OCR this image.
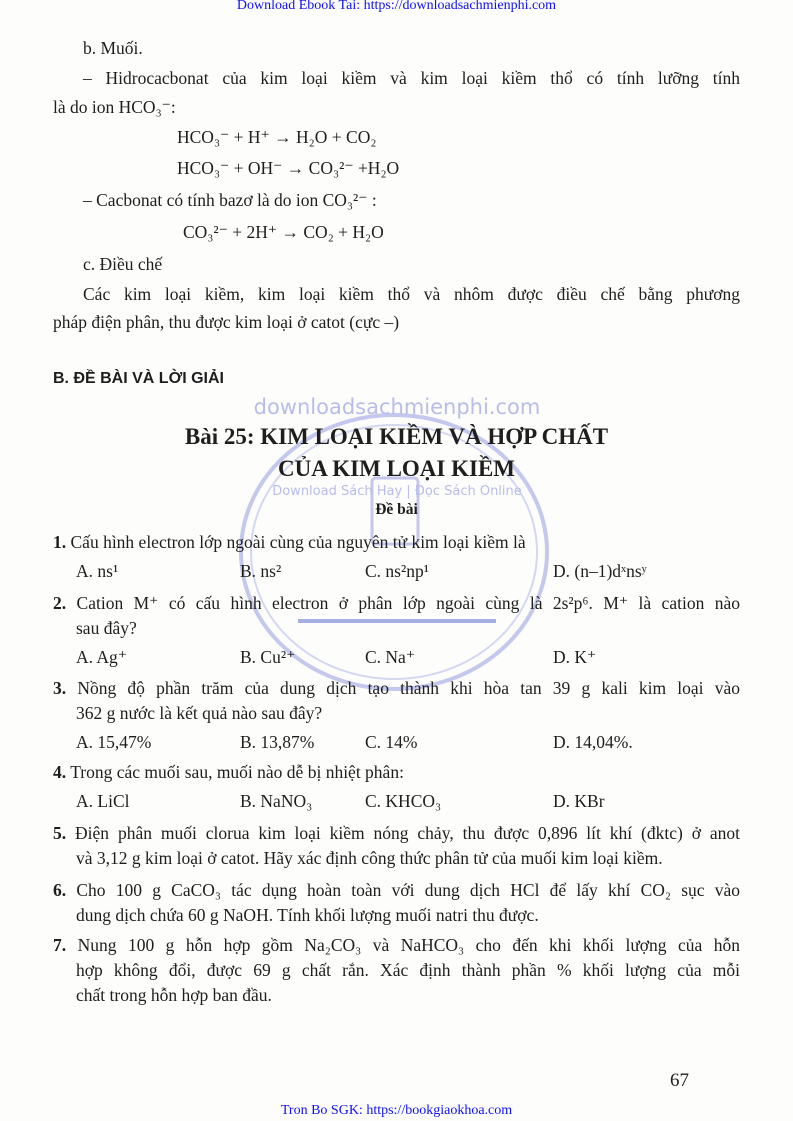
downloadsachmienphi.com
Download Sách Hay | Đọc Sách Online
Download Ebook Tai: https://downloadsachmienphi.com
b. Muối.
– Hidrocacbonat của kim loại kiềm và kim loại kiềm thổ có tính lưỡng tính
là do ion HCO₃⁻:
HCO₃⁻ + H⁺ → H₂O + CO₂
HCO₃⁻ + OH⁻ → CO₃²⁻ +H₂O
– Cacbonat có tính bazơ là do ion CO₃²⁻ :
CO₃²⁻ + 2H⁺ → CO₂ + H₂O
c. Điều chế
Các kim loại kiềm, kim loại kiềm thổ và nhôm được điều chế bằng phương
pháp điện phân, thu được kim loại ở catot (cực –)
B. ĐỀ BÀI VÀ LỜI GIẢI
Bài 25: KIM LOẠI KIỀM VÀ HỢP CHẤT
CỦA KIM LOẠI KIỀM
Đề bài
1. Cấu hình electron lớp ngoài cùng của nguyên tử kim loại kiềm là
A. ns¹	B. ns²	C. ns²np¹	D. (n–1)dˣnsʸ
2. Cation M⁺ có cấu hình electron ở phân lớp ngoài cùng là 2s²p⁶. M⁺ là cation nào
sau đây?
A. Ag⁺	B. Cu²⁺	C. Na⁺	D. K⁺
3. Nồng độ phần trăm của dung dịch tạo thành khi hòa tan 39 g kali kim loại vào
362 g nước là kết quả nào sau đây?
A. 15,47%	B. 13,87%	C. 14%	D. 14,04%.
4. Trong các muối sau, muối nào dễ bị nhiệt phân:
A. LiCl	B. NaNO₃	C. KHCO₃	D. KBr
5. Điện phân muối clorua kim loại kiềm nóng chảy, thu được 0,896 lít khí (đktc) ở anot
và 3,12 g kim loại ở catot. Hãy xác định công thức phân tử của muối kim loại kiềm.
6. Cho 100 g CaCO₃ tác dụng hoàn toàn với dung dịch HCl để lấy khí CO₂ sục vào
dung dịch chứa 60 g NaOH. Tính khối lượng muối natri thu được.
7. Nung 100 g hỗn hợp gồm Na₂CO₃ và NaHCO₃ cho đến khi khối lượng của hỗn
hợp không đổi, được 69 g chất rắn. Xác định thành phần % khối lượng của mỗi
chất trong hỗn hợp ban đầu.
67
Tron Bo SGK: https://bookgiaokhoa.com
